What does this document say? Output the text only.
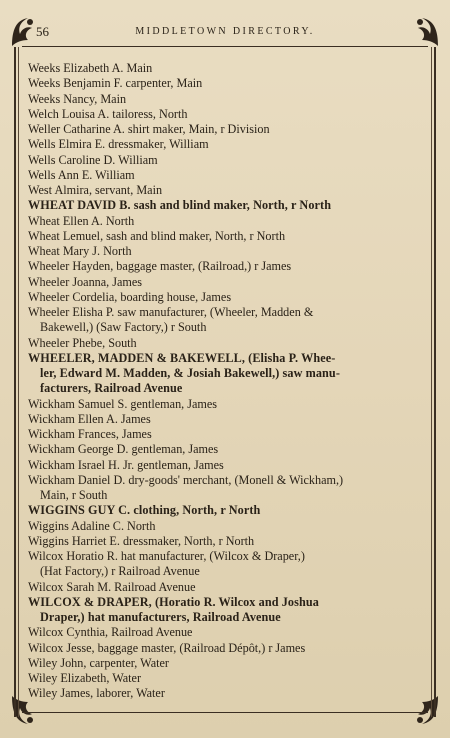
56	MIDDLETOWN DIRECTORY.
Weeks Elizabeth A. Main
Weeks Benjamin F. carpenter, Main
Weeks Nancy, Main
Welch Louisa A. tailoress, North
Weller Catharine A. shirt maker, Main, r Division
Wells Elmira E. dressmaker, William
Wells Caroline D. William
Wells Ann E. William
West Almira, servant, Main
WHEAT DAVID B. sash and blind maker, North, r North
Wheat Ellen A. North
Wheat Lemuel, sash and blind maker, North, r North
Wheat Mary J. North
Wheeler Hayden, baggage master, (Railroad,) r James
Wheeler Joanna, James
Wheeler Cordelia, boarding house, James
Wheeler Elisha P. saw manufacturer, (Wheeler, Madden &
Bakewell,) (Saw Factory,) r South
Wheeler Phebe, South
WHEELER, MADDEN & BAKEWELL, (Elisha P. Whee-
ler, Edward M. Madden, & Josiah Bakewell,) saw manu-
facturers, Railroad Avenue
Wickham Samuel S. gentleman, James
Wickham Ellen A. James
Wickham Frances, James
Wickham George D. gentleman, James
Wickham Israel H. Jr. gentleman, James
Wickham Daniel D. dry-goods' merchant, (Monell & Wickham,)
Main, r South
WIGGINS GUY C. clothing, North, r North
Wiggins Adaline C. North
Wiggins Harriet E. dressmaker, North, r North
Wilcox Horatio R. hat manufacturer, (Wilcox & Draper,)
(Hat Factory,) r Railroad Avenue
Wilcox Sarah M. Railroad Avenue
WILCOX & DRAPER, (Horatio R. Wilcox and Joshua
Draper,) hat manufacturers, Railroad Avenue
Wilcox Cynthia, Railroad Avenue
Wilcox Jesse, baggage master, (Railroad Dépôt,) r James
Wiley John, carpenter, Water
Wiley Elizabeth, Water
Wiley James, laborer, Water
